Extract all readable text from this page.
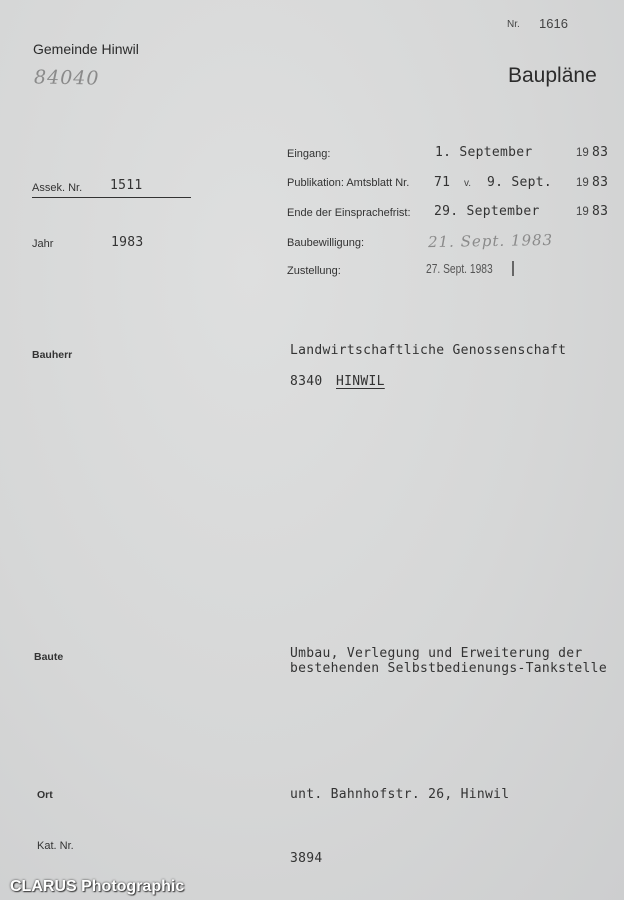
Nr. 1616
Gemeinde Hinwil
84040	Baupläne
Assek. Nr. 1511
Jahr	1983
Eingang:	1. September	19 83
Publikation: Amtsblatt Nr. 71 v. 9. Sept. 19 83
Ende der Einsprachefrist: 29. September	19 83
Baubewilligung:	21. Sept. 1983
Zustellung:	27. Sept. 1983
Bauherr	Landwirtschaftliche Genossenschaft
8340 HINWIL
Baute	Umbau, Verlegung und Erweiterung der
bestehenden Selbstbedienungs-Tankstelle
Ort	unt. Bahnhofstr. 26, Hinwil
Kat. Nr.
3894
CLARUS Photographic
